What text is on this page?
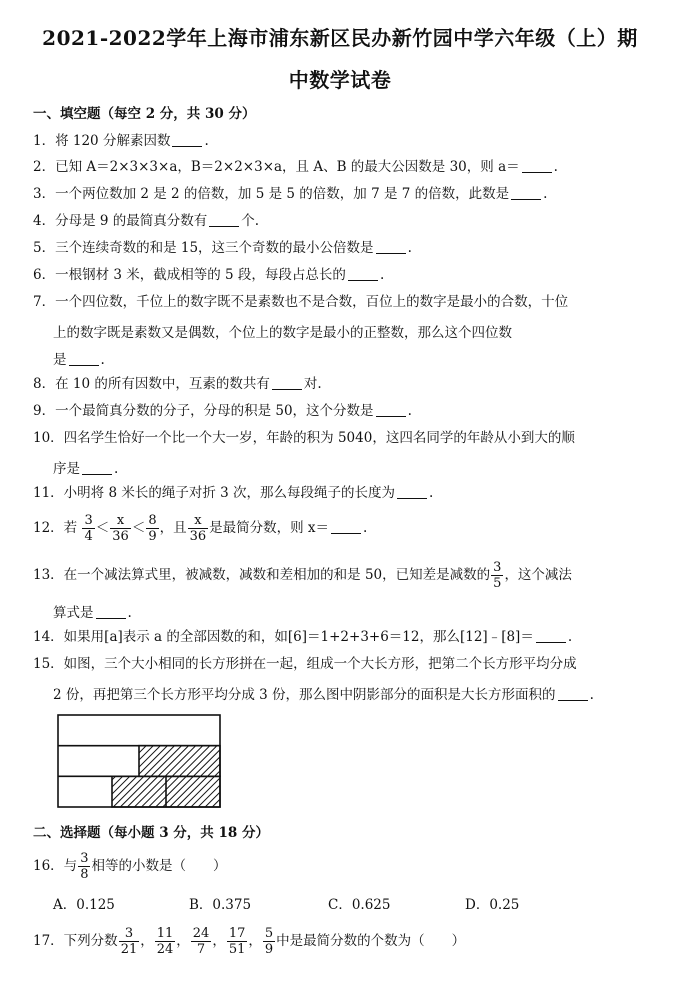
2021-2022学年上海市浦东新区民办新竹园中学六年级（上）期
中数学试卷
一、填空题（每空 2 分，共 30 分）
1．将 120 分解素因数	.
2．已知 A＝2×3×3×a，B＝2×2×3×a，且 A、B 的最大公因数是 30，则 a＝	.
3．一个两位数加 2 是 2 的倍数，加 5 是 5 的倍数，加 7 是 7 的倍数，此数是	.
4．分母是 9 的最简真分数有	个.
5．三个连续奇数的和是 15，这三个奇数的最小公倍数是	.
6．一根钢材 3 米，截成相等的 5 段，每段占总长的	.
7．一个四位数，千位上的数字既不是素数也不是合数，百位上的数字是最小的合数，十位
上的数字既是素数又是偶数，个位上的数字是最小的正整数，那么这个四位数
是	.
8．在 10 的所有因数中，互素的数共有	对.
9．一个最简真分数的分子，分母的积是 50，这个分数是	.
10．四名学生恰好一个比一个大一岁，年龄的积为 5040，这四名同学的年龄从小到大的顺
序是	.
11．小明将 8 米长的绳子对折 3 次，那么每段绳子的长度为	.
12．若 $\frac{3}{4} < \frac{x}{36} < \frac{8}{9}$ ，且 $\frac{x}{36}$ 是最简分数，则 x＝	.
13．在一个减法算式里，被减数，减数和差相加的和是 50，已知差是减数的 $\frac{3}{5}$ ，这个减法
算式是	.
14．如果用[a]表示 a 的全部因数的和，如[6]＝1+2+3+6＝12，那么[12]﹣[8]＝	.
15．如图，三个大小相同的长方形拼在一起，组成一个大长方形，把第二个长方形平均分成
2 份，再把第三个长方形平均分成 3 份，那么图中阴影部分的面积是大长方形面积的	.
二、选择题（每小题 3 分，共 18 分）
16．与 $\frac{3}{8}$ 相等的小数是（　　）
A．0.125	B．0.375	C．0.625	D．0.25
17．下列分数 $\frac{3}{21}$ ， $\frac{11}{24}$ ， $\frac{24}{7}$ ， $\frac{17}{51}$ ， $\frac{5}{9}$ 中是最简分数的个数为（　　）
